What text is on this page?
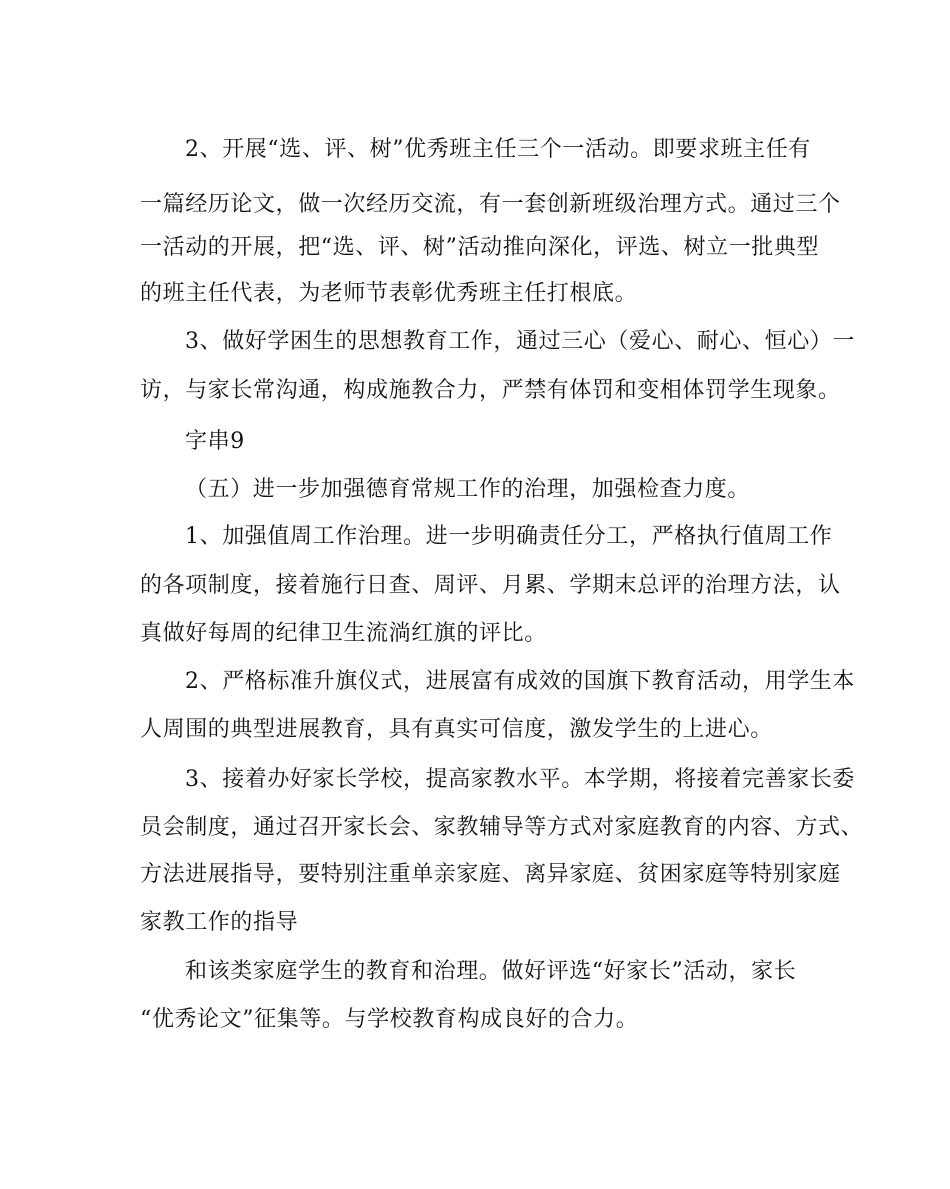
2、开展“选、评、树”优秀班主任三个一活动。即要求班主任有
一篇经历论文，做一次经历交流，有一套创新班级治理方式。通过三个
一活动的开展，把“选、评、树”活动推向深化，评选、树立一批典型
的班主任代表，为老师节表彰优秀班主任打根底。
3、做好学困生的思想教育工作，通过三心（爱心、耐心、恒心）一
访，与家长常沟通，构成施教合力，严禁有体罚和变相体罚学生现象。
字串9
（五）进一步加强德育常规工作的治理，加强检查力度。
1、加强值周工作治理。进一步明确责任分工，严格执行值周工作
的各项制度，接着施行日查、周评、月累、学期末总评的治理方法，认
真做好每周的纪律卫生流淌红旗的评比。
2、严格标准升旗仪式，进展富有成效的国旗下教育活动，用学生本
人周围的典型进展教育，具有真实可信度，激发学生的上进心。
3、接着办好家长学校，提高家教水平。本学期，将接着完善家长委
员会制度，通过召开家长会、家教辅导等方式对家庭教育的内容、方式、
方法进展指导，要特别注重单亲家庭、离异家庭、贫困家庭等特别家庭
家教工作的指导
和该类家庭学生的教育和治理。做好评选“好家长”活动，家长
“优秀论文”征集等。与学校教育构成良好的合力。
